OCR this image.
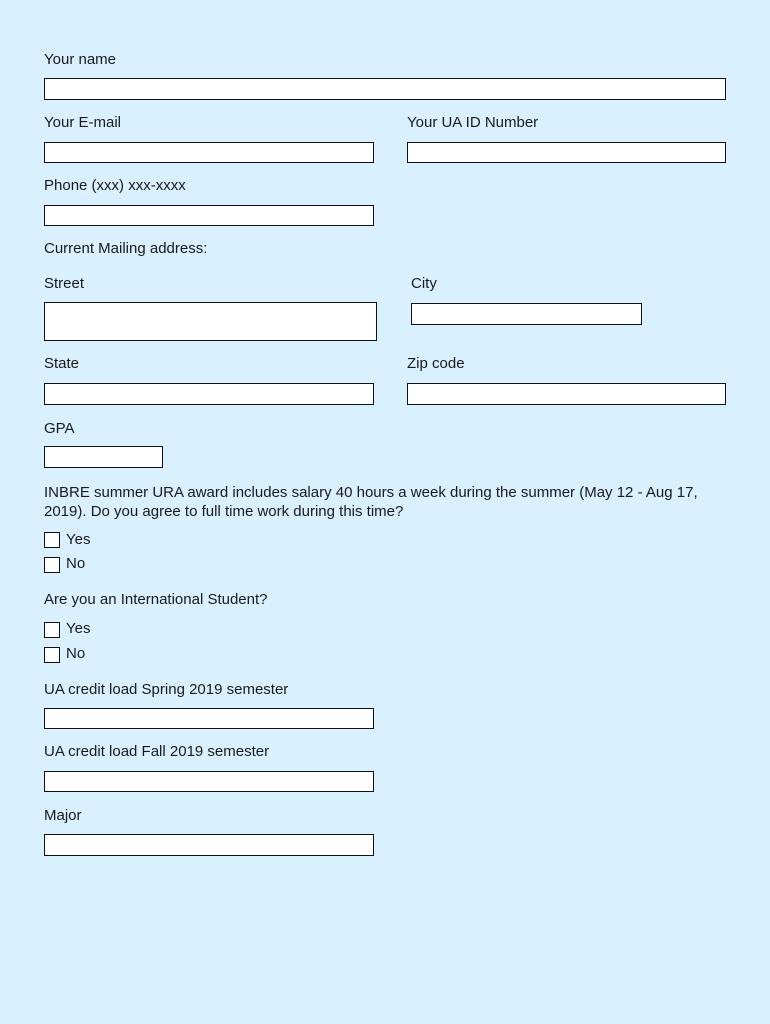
Your name
Your E-mail	Your UA ID Number
Phone (xxx) xxx-xxxx
Current Mailing address:
Street	City
State	Zip code
GPA
INBRE summer URA award includes salary 40 hours a week during the summer (May 12 - Aug 17, 2019). Do you agree to full time work during this time?
Yes
No
Are you an International Student?
Yes
No
UA credit load Spring 2019 semester
UA credit load Fall 2019 semester
Major
